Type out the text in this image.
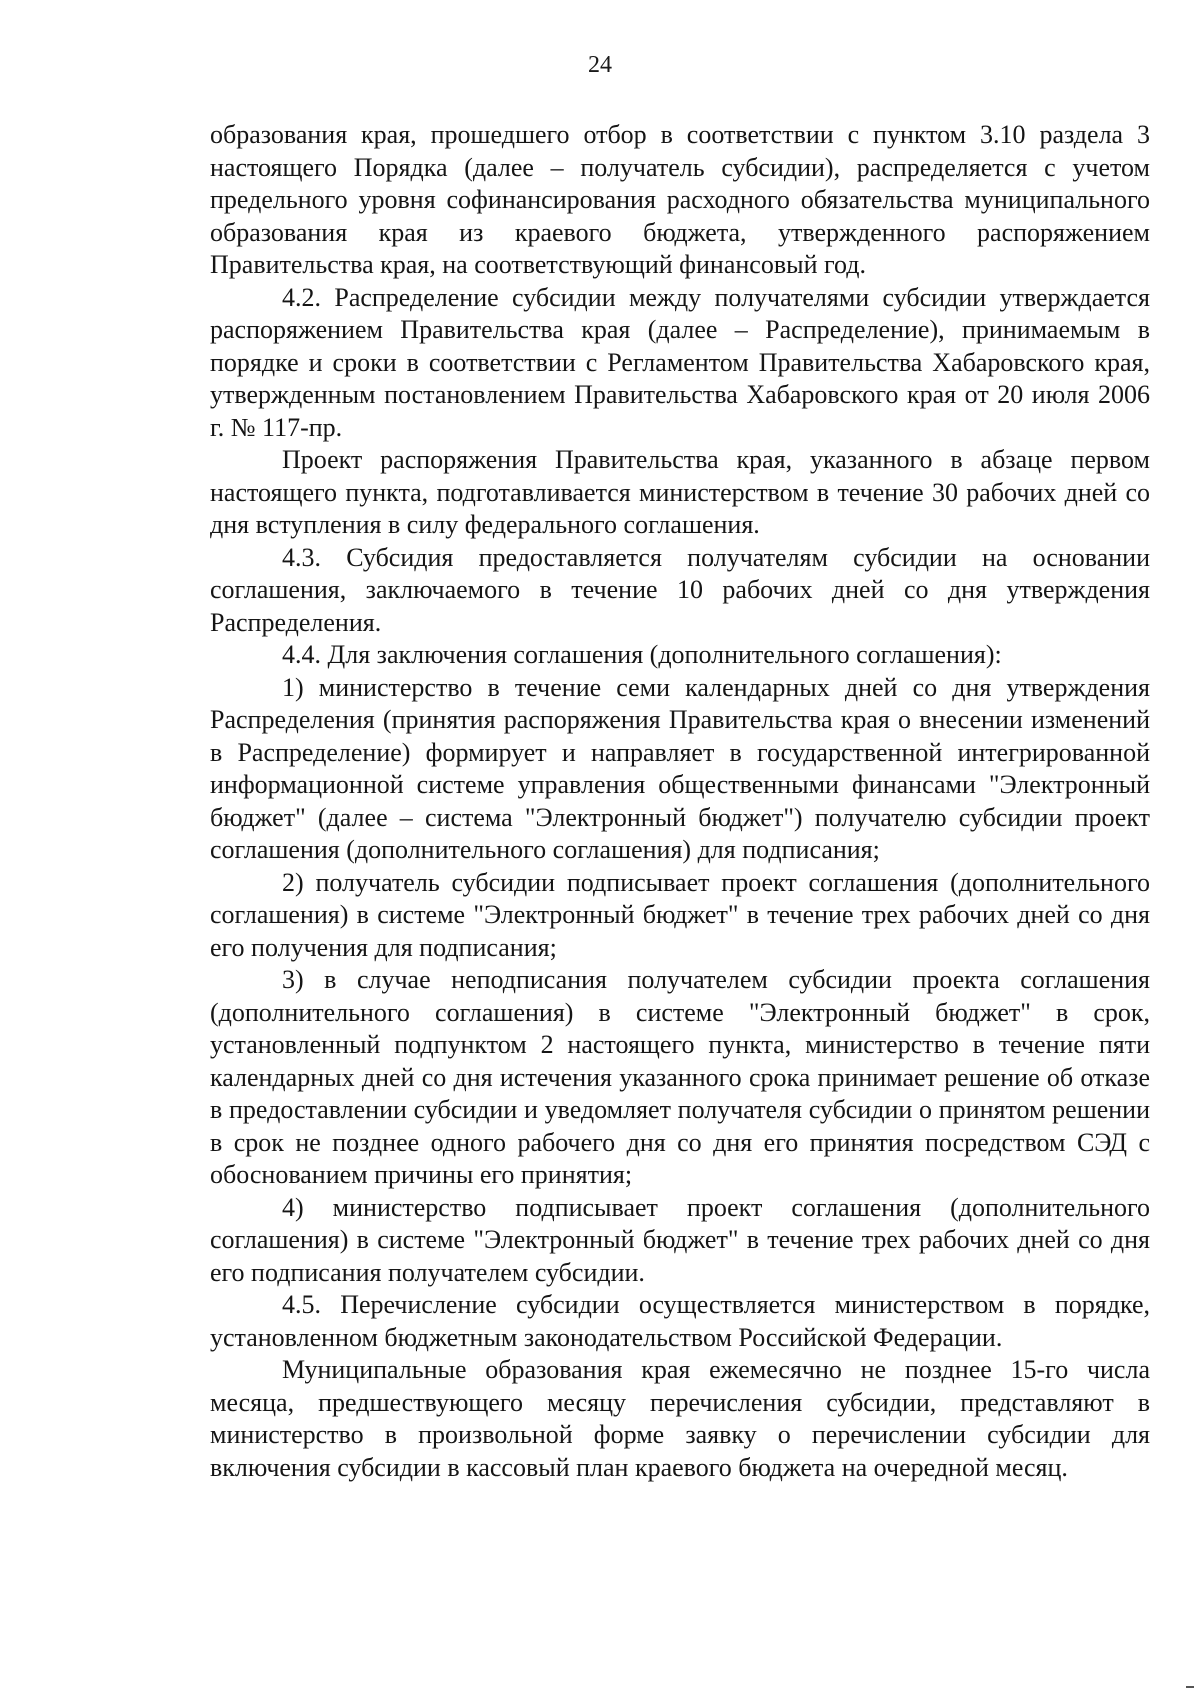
24

образования края, прошедшего отбор в соответствии с пунктом 3.10 раздела 3 настоящего Порядка (далее – получатель субсидии), распределяется с учетом предельного уровня софинансирования расходного обязательства муниципального образования края из краевого бюджета, утвержденного распоряжением Правительства края, на соответствующий финансовый год.

4.2. Распределение субсидии между получателями субсидии утверждается распоряжением Правительства края (далее – Распределение), принимаемым в порядке и сроки в соответствии с Регламентом Правительства Хабаровского края, утвержденным постановлением Правительства Хабаровского края от 20 июля 2006 г. № 117-пр.

Проект распоряжения Правительства края, указанного в абзаце первом настоящего пункта, подготавливается министерством в течение 30 рабочих дней со дня вступления в силу федерального соглашения.

4.3. Субсидия предоставляется получателям субсидии на основании соглашения, заключаемого в течение 10 рабочих дней со дня утверждения Распределения.

4.4. Для заключения соглашения (дополнительного соглашения):

1) министерство в течение семи календарных дней со дня утверждения Распределения (принятия распоряжения Правительства края о внесении изменений в Распределение) формирует и направляет в государственной интегрированной информационной системе управления общественными финансами "Электронный бюджет" (далее – система "Электронный бюджет") получателю субсидии проект соглашения (дополнительного соглашения) для подписания;

2) получатель субсидии подписывает проект соглашения (дополнительного соглашения) в системе "Электронный бюджет" в течение трех рабочих дней со дня его получения для подписания;

3) в случае неподписания получателем субсидии проекта соглашения (дополнительного соглашения) в системе "Электронный бюджет" в срок, установленный подпунктом 2 настоящего пункта, министерство в течение пяти календарных дней со дня истечения указанного срока принимает решение об отказе в предоставлении субсидии и уведомляет получателя субсидии о принятом решении в срок не позднее одного рабочего дня со дня его принятия посредством СЭД с обоснованием причины его принятия;

4) министерство подписывает проект соглашения (дополнительного соглашения) в системе "Электронный бюджет" в течение трех рабочих дней со дня его подписания получателем субсидии.

4.5. Перечисление субсидии осуществляется министерством в порядке, установленном бюджетным законодательством Российской Федерации.

Муниципальные образования края ежемесячно не позднее 15-го числа месяца, предшествующего месяцу перечисления субсидии, представляют в министерство в произвольной форме заявку о перечислении субсидии для включения субсидии в кассовый план краевого бюджета на очередной месяц.
